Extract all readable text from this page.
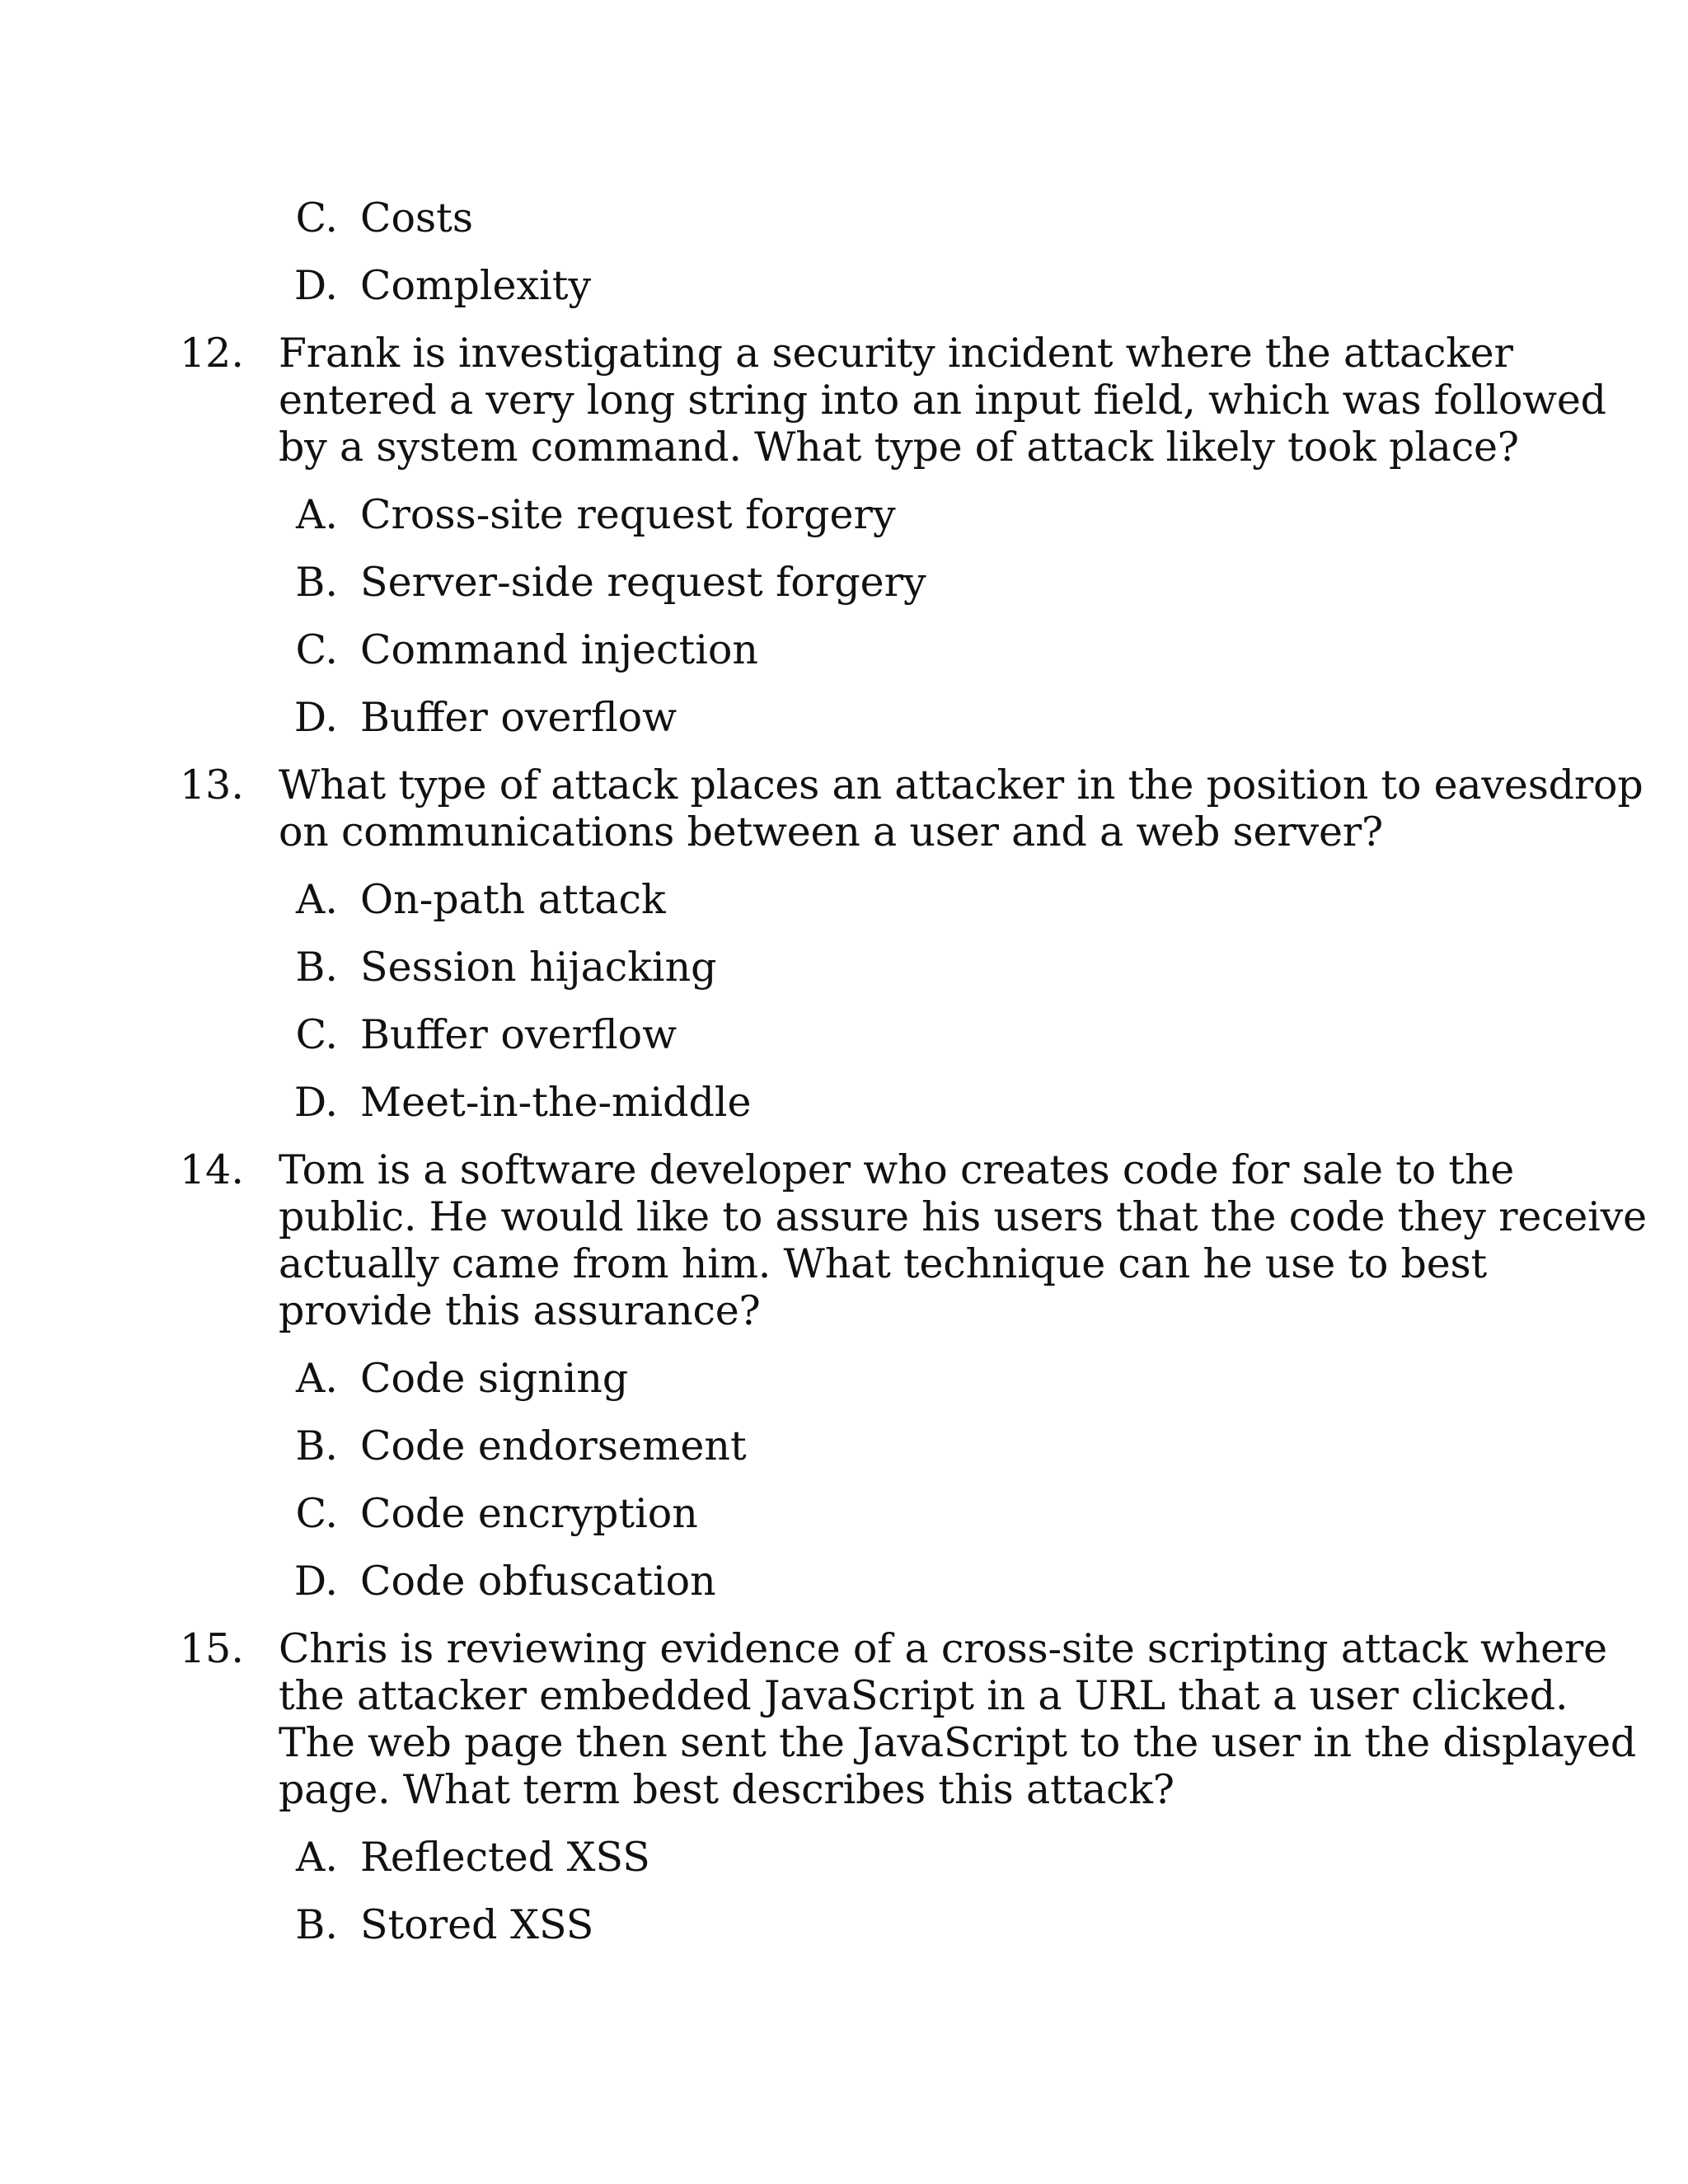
C. Costs
D. Complexity
12. Frank is investigating a security incident where the attacker
entered a very long string into an input field, which was followed
by a system command. What type of attack likely took place?
A. Cross-site request forgery
B. Server-side request forgery
C. Command injection
D. Buffer overflow
13. What type of attack places an attacker in the position to eavesdrop
on communications between a user and a web server?
A. On-path attack
B. Session hijacking
C. Buffer overflow
D. Meet-in-the-middle
14. Tom is a software developer who creates code for sale to the
public. He would like to assure his users that the code they receive
actually came from him. What technique can he use to best
provide this assurance?
A. Code signing
B. Code endorsement
C. Code encryption
D. Code obfuscation
15. Chris is reviewing evidence of a cross-site scripting attack where
the attacker embedded JavaScript in a URL that a user clicked.
The web page then sent the JavaScript to the user in the displayed
page. What term best describes this attack?
A. Reflected XSS
B. Stored XSS
